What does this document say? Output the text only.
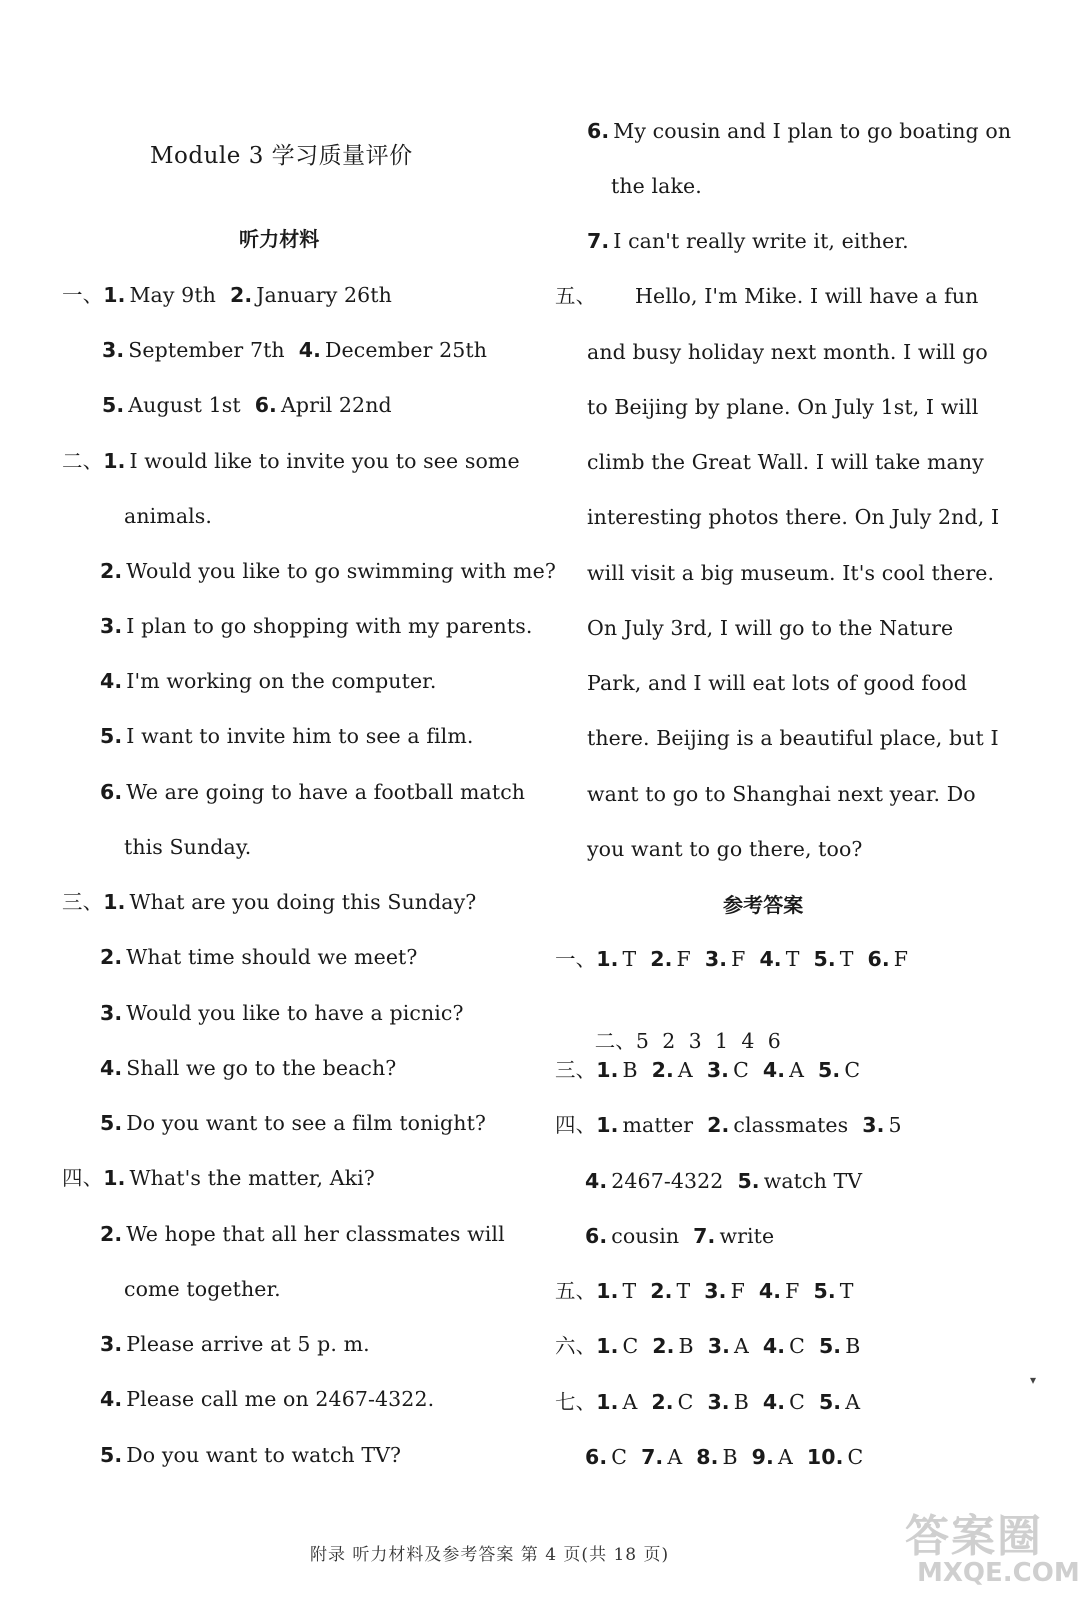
Module 3 学习质量评价
听力材料
一、1. May 9th 2. January 26th
3. September 7th 4. December 25th
5. August 1st 6. April 22nd
二、1. I would like to invite you to see some
animals.
2. Would you like to go swimming with me?
3. I plan to go shopping with my parents.
4. I'm working on the computer.
5. I want to invite him to see a film.
6. We are going to have a football match
this Sunday.
三、1. What are you doing this Sunday?
2. What time should we meet?
3. Would you like to have a picnic?
4. Shall we go to the beach?
5. Do you want to see a film tonight?
四、1. What's the matter, Aki?
2. We hope that all her classmates will
come together.
3. Please arrive at 5 p. m.
4. Please call me on 2467-4322.
5. Do you want to watch TV?
6. My cousin and I plan to go boating on
the lake.
7. I can't really write it, either.
五、 Hello, I'm Mike. I will have a fun
and busy holiday next month. I will go
to Beijing by plane. On July 1st, I will
climb the Great Wall. I will take many
interesting photos there. On July 2nd, I
will visit a big museum. It's cool there.
On July 3rd, I will go to the Nature
Park, and I will eat lots of good food
there. Beijing is a beautiful place, but I
want to go to Shanghai next year. Do
you want to go there, too?
参考答案
一、1. T 2. F 3. F 4. T 5. T 6. F

二、5  2  3  1  4  6

三、1. B 2. A 3. C 4. A 5. C
四、1. matter 2. classmates 3. 5
4. 2467-4322 5. watch TV
6. cousin 7. write
五、1. T 2. T 3. F 4. F 5. T
六、1. C 2. B 3. A 4. C 5. B
七、1. A 2. C 3. B 4. C 5. A
6. C 7. A 8. B 9. A 10. C
▾
附录 听力材料及参考答案 第 4 页(共 18 页)	答案圈
MXQE.COM
